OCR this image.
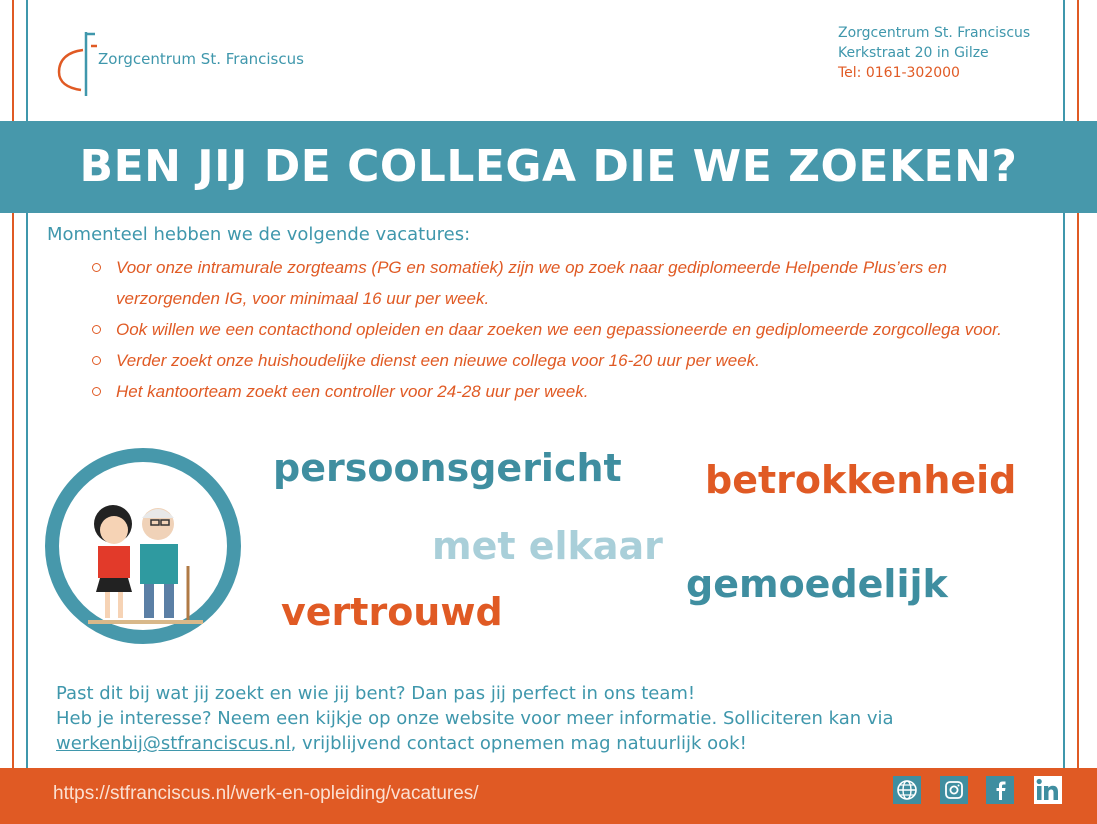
Zorgcentrum St. Franciscus
Zorgcentrum St. Franciscus
Kerkstraat 20 in Gilze
Tel: 0161-302000
BEN JIJ DE COLLEGA DIE WE ZOEKEN?
Momenteel hebben we de volgende vacatures:
Voor onze intramurale zorgteams (PG en somatiek) zijn we op zoek naar gediplomeerde Helpende Plus’ers en verzorgenden IG, voor minimaal 16 uur per week.
Ook willen we een contacthond opleiden en daar zoeken we een gepassioneerde en gediplomeerde zorgcollega voor.
Verder zoekt onze huishoudelijke dienst een nieuwe collega voor 16-20 uur per week.
Het kantoorteam zoekt een controller voor 24-28 uur per week.
persoonsgericht betrokkenheid
met elkaar
gemoedelijk
vertrouwd
Past dit bij wat jij zoekt en wie jij bent? Dan pas jij perfect in ons team!
Heb je interesse? Neem een kijkje op onze website voor meer informatie. Solliciteren kan via
werkenbij@stfranciscus.nl, vrijblijvend contact opnemen mag natuurlijk ook!
https://stfranciscus.nl/werk-en-opleiding/vacatures/
